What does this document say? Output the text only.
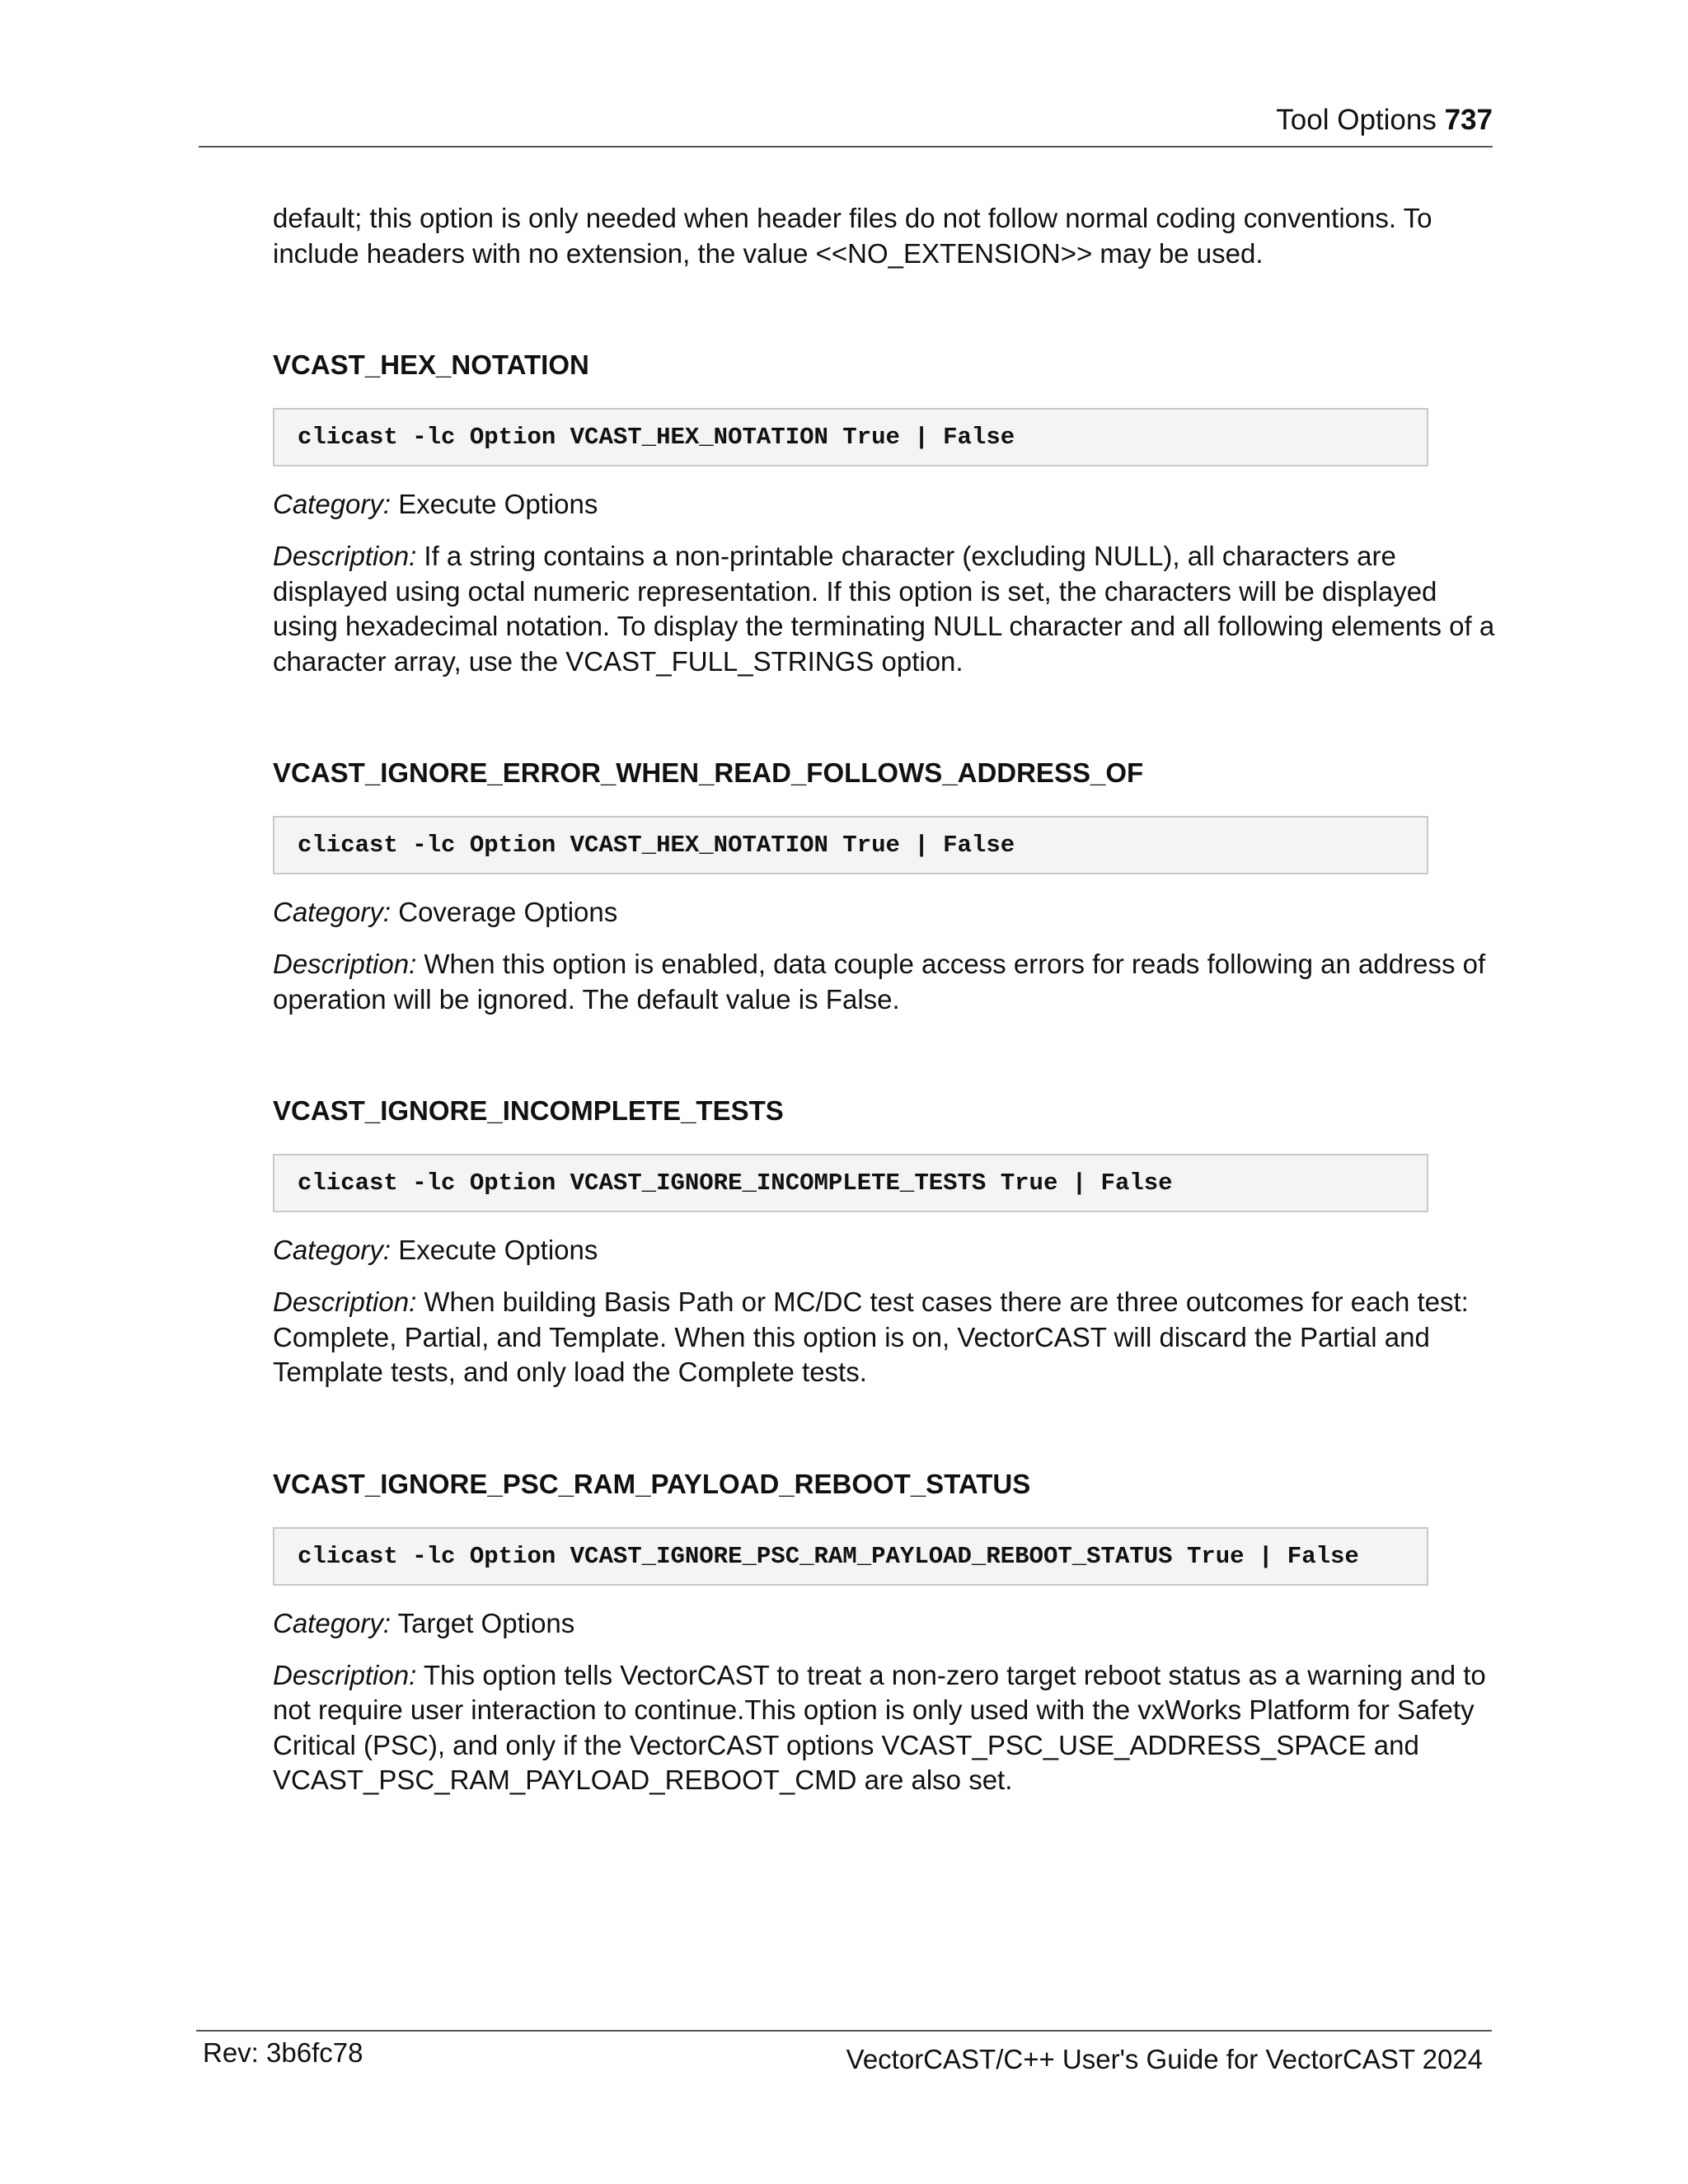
Tool Options 737

default; this option is only needed when header files do not follow normal coding conventions. To include headers with no extension, the value <<NO_EXTENSION>> may be used.

VCAST_HEX_NOTATION
clicast -lc Option VCAST_HEX_NOTATION True | False

Category: Execute Options

Description: If a string contains a non-printable character (excluding NULL), all characters are displayed using octal numeric representation. If this option is set, the characters will be displayed using hexadecimal notation. To display the terminating NULL character and all following elements of a character array, use the VCAST_FULL_STRINGS option.

VCAST_IGNORE_ERROR_WHEN_READ_FOLLOWS_ADDRESS_OF
clicast -lc Option VCAST_HEX_NOTATION True | False

Category: Coverage Options

Description: When this option is enabled, data couple access errors for reads following an address of operation will be ignored. The default value is False.

VCAST_IGNORE_INCOMPLETE_TESTS
clicast -lc Option VCAST_IGNORE_INCOMPLETE_TESTS True | False

Category: Execute Options

Description: When building Basis Path or MC/DC test cases there are three outcomes for each test: Complete, Partial, and Template. When this option is on, VectorCAST will discard the Partial and Template tests, and only load the Complete tests.

VCAST_IGNORE_PSC_RAM_PAYLOAD_REBOOT_STATUS
clicast -lc Option VCAST_IGNORE_PSC_RAM_PAYLOAD_REBOOT_STATUS True | False

Category: Target Options

Description: This option tells VectorCAST to treat a non-zero target reboot status as a warning and to not require user interaction to continue.This option is only used with the vxWorks Platform for Safety Critical (PSC), and only if the VectorCAST options VCAST_PSC_USE_ADDRESS_SPACE and VCAST_PSC_RAM_PAYLOAD_REBOOT_CMD are also set.

Rev: 3b6fc78	VectorCAST/C++ User's Guide for VectorCAST 2024
